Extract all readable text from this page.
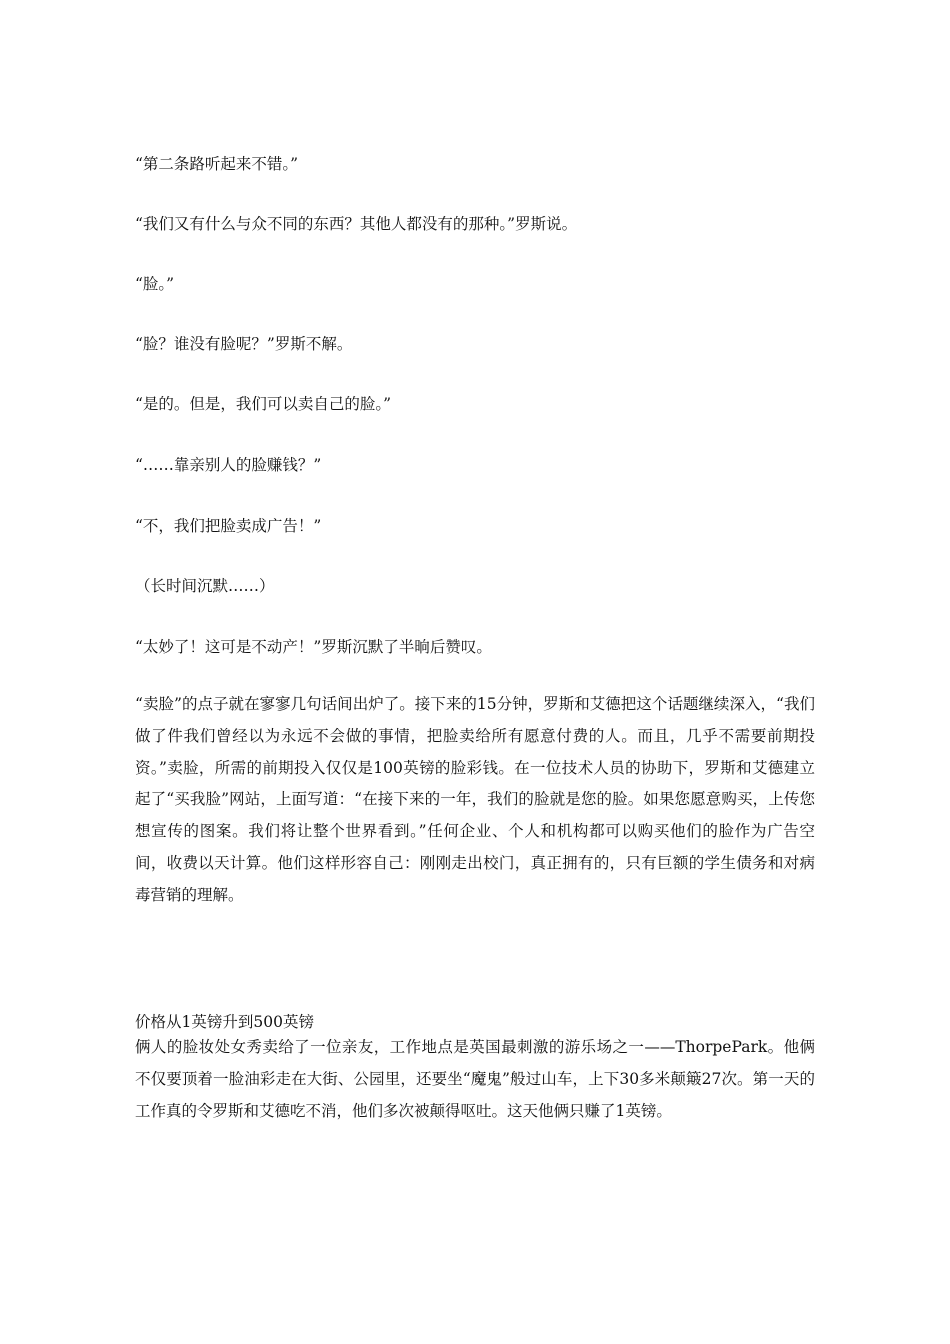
“第二条路听起来不错。”

“我们又有什么与众不同的东西？其他人都没有的那种。”罗斯说。

“脸。”

“脸？谁没有脸呢？”罗斯不解。

“是的。但是，我们可以卖自己的脸。”

“……靠亲别人的脸赚钱？”

“不，我们把脸卖成广告！”

（长时间沉默……）

“太妙了！这可是不动产！”罗斯沉默了半晌后赞叹。

“卖脸”的点子就在寥寥几句话间出炉了。接下来的15分钟，罗斯和艾德把这个话题继续深入，“我们做了件我们曾经以为永远不会做的事情，把脸卖给所有愿意付费的人。而且，几乎不需要前期投资。”卖脸，所需的前期投入仅仅是100英镑的脸彩钱。在一位技术人员的协助下，罗斯和艾德建立起了“买我脸”网站，上面写道：“在接下来的一年，我们的脸就是您的脸。如果您愿意购买，上传您想宣传的图案。我们将让整个世界看到。”任何企业、个人和机构都可以购买他们的脸作为广告空间，收费以天计算。他们这样形容自己：刚刚走出校门，真正拥有的，只有巨额的学生债务和对病毒营销的理解。

价格从1英镑升到500英镑

俩人的脸妆处女秀卖给了一位亲友，工作地点是英国最刺激的游乐场之一——ThorpePark。他俩不仅要顶着一脸油彩走在大街、公园里，还要坐“魔鬼”般过山车，上下30多米颠簸27次。第一天的工作真的令罗斯和艾德吃不消，他们多次被颠得呕吐。这天他俩只赚了1英镑。
